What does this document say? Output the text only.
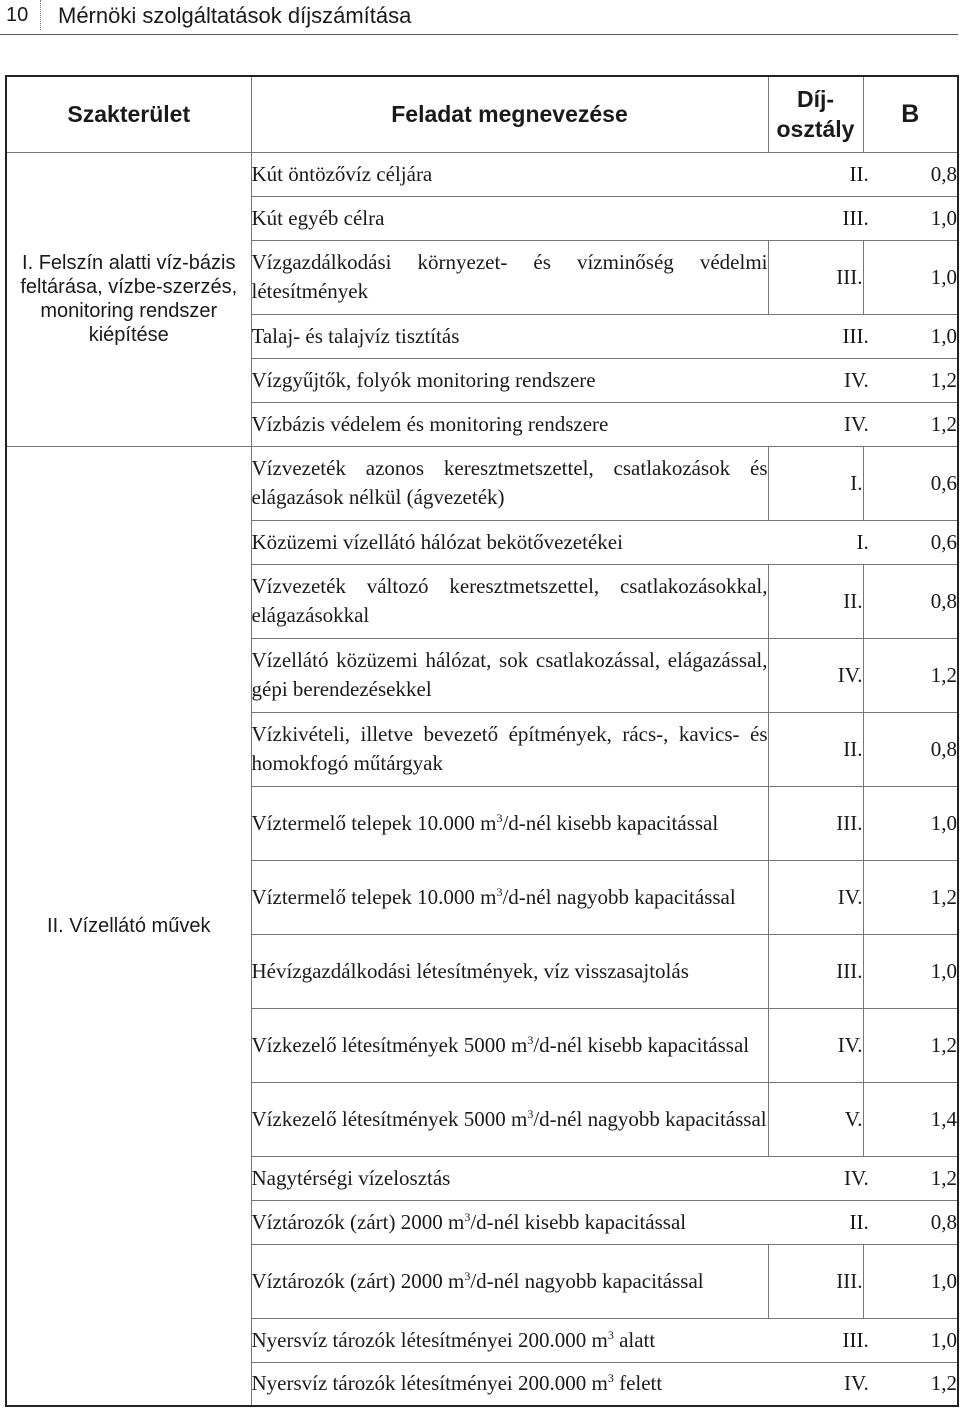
10 Mérnöki szolgáltatások díjszámítása
Szakterület	Feladat megnevezése	Díj-
osztály	B
I. Felszín alatti víz-bázis feltárása, vízbe-szerzés, monitoring rendszer kiépítése	Kút öntözővíz céljára II. 0,8		

	Kút egyéb célra III. 1,0		

	Vízgazdálkodási környezet- és vízminőség védelmi létesítmények	III.	1,0

	Talaj- és talajvíz tisztítás III. 1,0		

	Vízgyűjtők, folyók monitoring rendszere IV. 1,2		

	Vízbázis védelem és monitoring rendszere IV. 1,2		

II. Vízellátó művek	Vízvezeték azonos keresztmetszettel, csatlakozások és elágazások nélkül (ágvezeték)	I.	0,6

	Közüzemi vízellátó hálózat bekötővezetékei I. 0,6		

	Vízvezeték változó keresztmetszettel, csatlakozásokkal, elágazásokkal	II.	0,8
	Vízellátó közüzemi hálózat, sok csatlakozással, elágazással, gépi berendezésekkel	IV.	1,2
	Vízkivételi, illetve bevezető építmények, rács-, kavics- és homokfogó műtárgyak	II.	0,8
	Víztermelő telepek 10.000 $m^3/d$-nél kisebb kapacitással	III.	1,0
	Víztermelő telepek 10.000 $m^3/d$-nél nagyobb kapacitással	IV.	1,2
	Hévízgazdálkodási létesítmények, víz visszasajtolás	III.	1,0
	Vízkezelő létesítmények 5000 $m^3/d$-nél kisebb kapacitással	IV.	1,2
	Vízkezelő létesítmények 5000 $m^3/d$-nél nagyobb kapacitással	V.	1,4

	Nagytérségi vízelosztás IV. 1,2		

	Víztározók (zárt) 2000 $m^3/d$-nél kisebb kapacitással II. 0,8		

	Víztározók (zárt) 2000 $m^3/d$-nél nagyobb kapacitással	III.	1,0

	Nyersvíz tározók létesítményei 200.000 $m^3$ alatt III. 1,0		

	Nyersvíz tározók létesítményei 200.000 $m^3$ felett IV. 1,2		
